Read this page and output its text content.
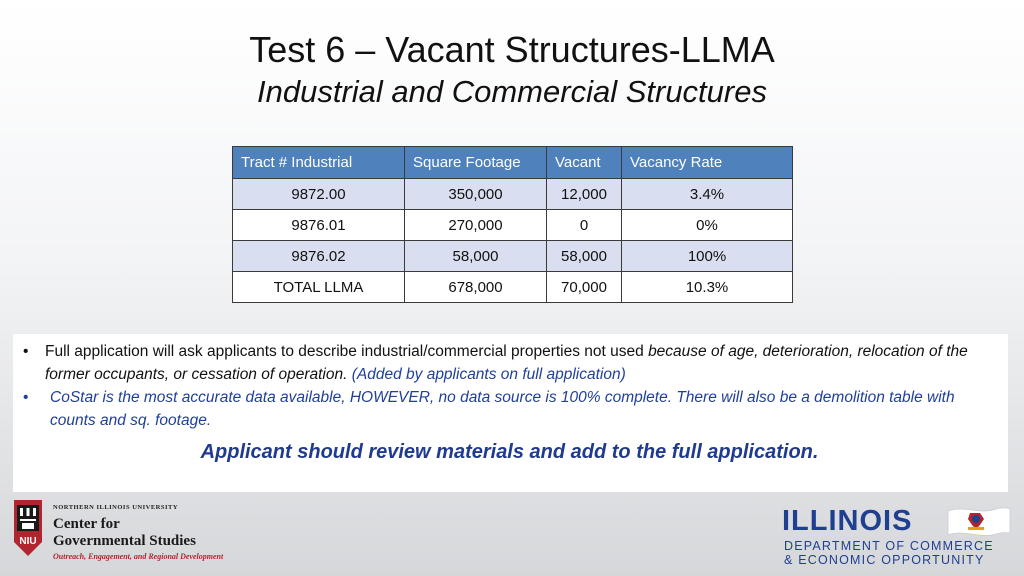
Test 6 – Vacant Structures-LLMA
Industrial and Commercial Structures
Tract # Industrial	Square Footage	Vacant	Vacancy Rate
9872.00	350,000	12,000	3.4%
9876.01	270,000	0	0%
9876.02	58,000	58,000	100%
TOTAL LLMA	678,000	70,000	10.3%
• Full application will ask applicants to describe industrial/commercial properties not used because of age, deterioration, relocation of the former occupants, or cessation of operation. (Added by applicants on full application)
• CoStar is the most accurate data available, HOWEVER, no data source is 100% complete. There will also be a demolition table with counts and sq. footage.
Applicant should review materials and add to the full application.
NIU
NORTHERN ILLINOIS UNIVERSITY
Center for
Governmental Studies
Outreach, Engagement, and Regional Development
ILLINOIS
DEPARTMENT OF COMMERCE
& ECONOMIC OPPORTUNITY
